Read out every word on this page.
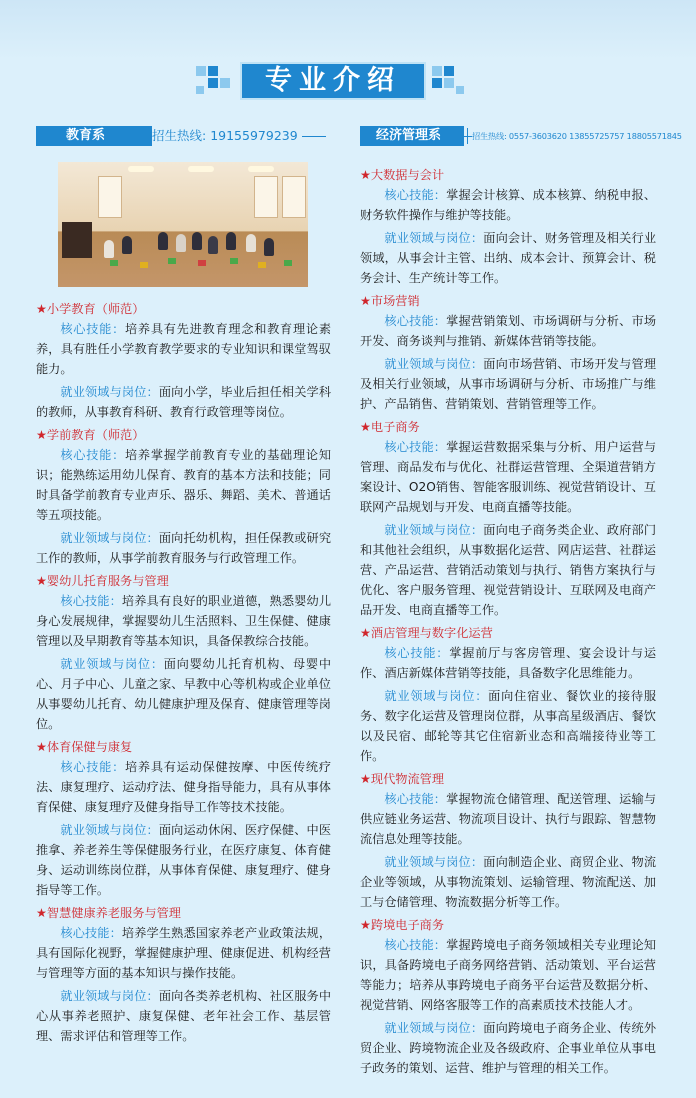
专业介绍
教育系	招生热线: 19155979239	经济管理系	招生热线: 0557-3603620 13855725757 18805571845
★小学教育（师范）
核心技能：培养具有先进教育理念和教育理论素养，具有胜任小学教育教学要求的专业知识和课堂驾驭能力。
就业领域与岗位：面向小学，毕业后担任相关学科的教师，从事教育科研、教育行政管理等岗位。
★学前教育（师范）
核心技能：培养掌握学前教育专业的基础理论知识；能熟练运用幼儿保育、教育的基本方法和技能；同时具备学前教育专业声乐、器乐、舞蹈、美术、普通话等五项技能。
就业领域与岗位：面向托幼机构，担任保教或研究工作的教师，从事学前教育服务与行政管理工作。
★婴幼儿托育服务与管理
核心技能：培养具有良好的职业道德，熟悉婴幼儿身心发展规律，掌握婴幼儿生活照料、卫生保健、健康管理以及早期教育等基本知识，具备保教综合技能。
就业领域与岗位：面向婴幼儿托育机构、母婴中心、月子中心、儿童之家、早教中心等机构或企业单位从事婴幼儿托育、幼儿健康护理及保育、健康管理等岗位。
★体育保健与康复
核心技能：培养具有运动保健按摩、中医传统疗法、康复理疗、运动疗法、健身指导能力，具有从事体育保健、康复理疗及健身指导工作等技术技能。
就业领域与岗位：面向运动休闲、医疗保健、中医推拿、养老养生等保健服务行业，在医疗康复、体育健身、运动训练岗位群，从事体育保健、康复理疗、健身指导等工作。
★智慧健康养老服务与管理
核心技能：培养学生熟悉国家养老产业政策法规，具有国际化视野，掌握健康护理、健康促进、机构经营与管理等方面的基本知识与操作技能。
就业领域与岗位：面向各类养老机构、社区服务中心从事养老照护、康复保健、老年社会工作、基层管理、需求评估和管理等工作。
★大数据与会计
核心技能：掌握会计核算、成本核算、纳税申报、财务软件操作与维护等技能。
就业领域与岗位：面向会计、财务管理及相关行业领域，从事会计主管、出纳、成本会计、预算会计、税务会计、生产统计等工作。
★市场营销
核心技能：掌握营销策划、市场调研与分析、市场开发、商务谈判与推销、新媒体营销等技能。
就业领域与岗位：面向市场营销、市场开发与管理及相关行业领域，从事市场调研与分析、市场推广与维护、产品销售、营销策划、营销管理等工作。
★电子商务
核心技能：掌握运营数据采集与分析、用户运营与管理、商品发布与优化、社群运营管理、全渠道营销方案设计、O2O销售、智能客服训练、视觉营销设计、互联网产品规划与开发、电商直播等技能。
就业领域与岗位：面向电子商务类企业、政府部门和其他社会组织，从事数据化运营、网店运营、社群运营、产品运营、营销活动策划与执行、销售方案执行与优化、客户服务管理、视觉营销设计、互联网及电商产品开发、电商直播等工作。
★酒店管理与数字化运营
核心技能：掌握前厅与客房管理、宴会设计与运作、酒店新媒体营销等技能，具备数字化思维能力。
就业领域与岗位：面向住宿业、餐饮业的接待服务、数字化运营及管理岗位群，从事高星级酒店、餐饮以及民宿、邮轮等其它住宿新业态和高端接待业等工作。
★现代物流管理
核心技能：掌握物流仓储管理、配送管理、运输与供应链业务运营、物流项目设计、执行与跟踪、智慧物流信息处理等技能。
就业领域与岗位：面向制造企业、商贸企业、物流企业等领域，从事物流策划、运输管理、物流配送、加工与仓储管理、物流数据分析等工作。
★跨境电子商务
核心技能：掌握跨境电子商务领域相关专业理论知识，具备跨境电子商务网络营销、活动策划、平台运营等能力；培养从事跨境电子商务平台运营及数据分析、视觉营销、网络客服等工作的高素质技术技能人才。
就业领域与岗位：面向跨境电子商务企业、传统外贸企业、跨境物流企业及各级政府、企事业单位从事电子政务的策划、运营、维护与管理的相关工作。
